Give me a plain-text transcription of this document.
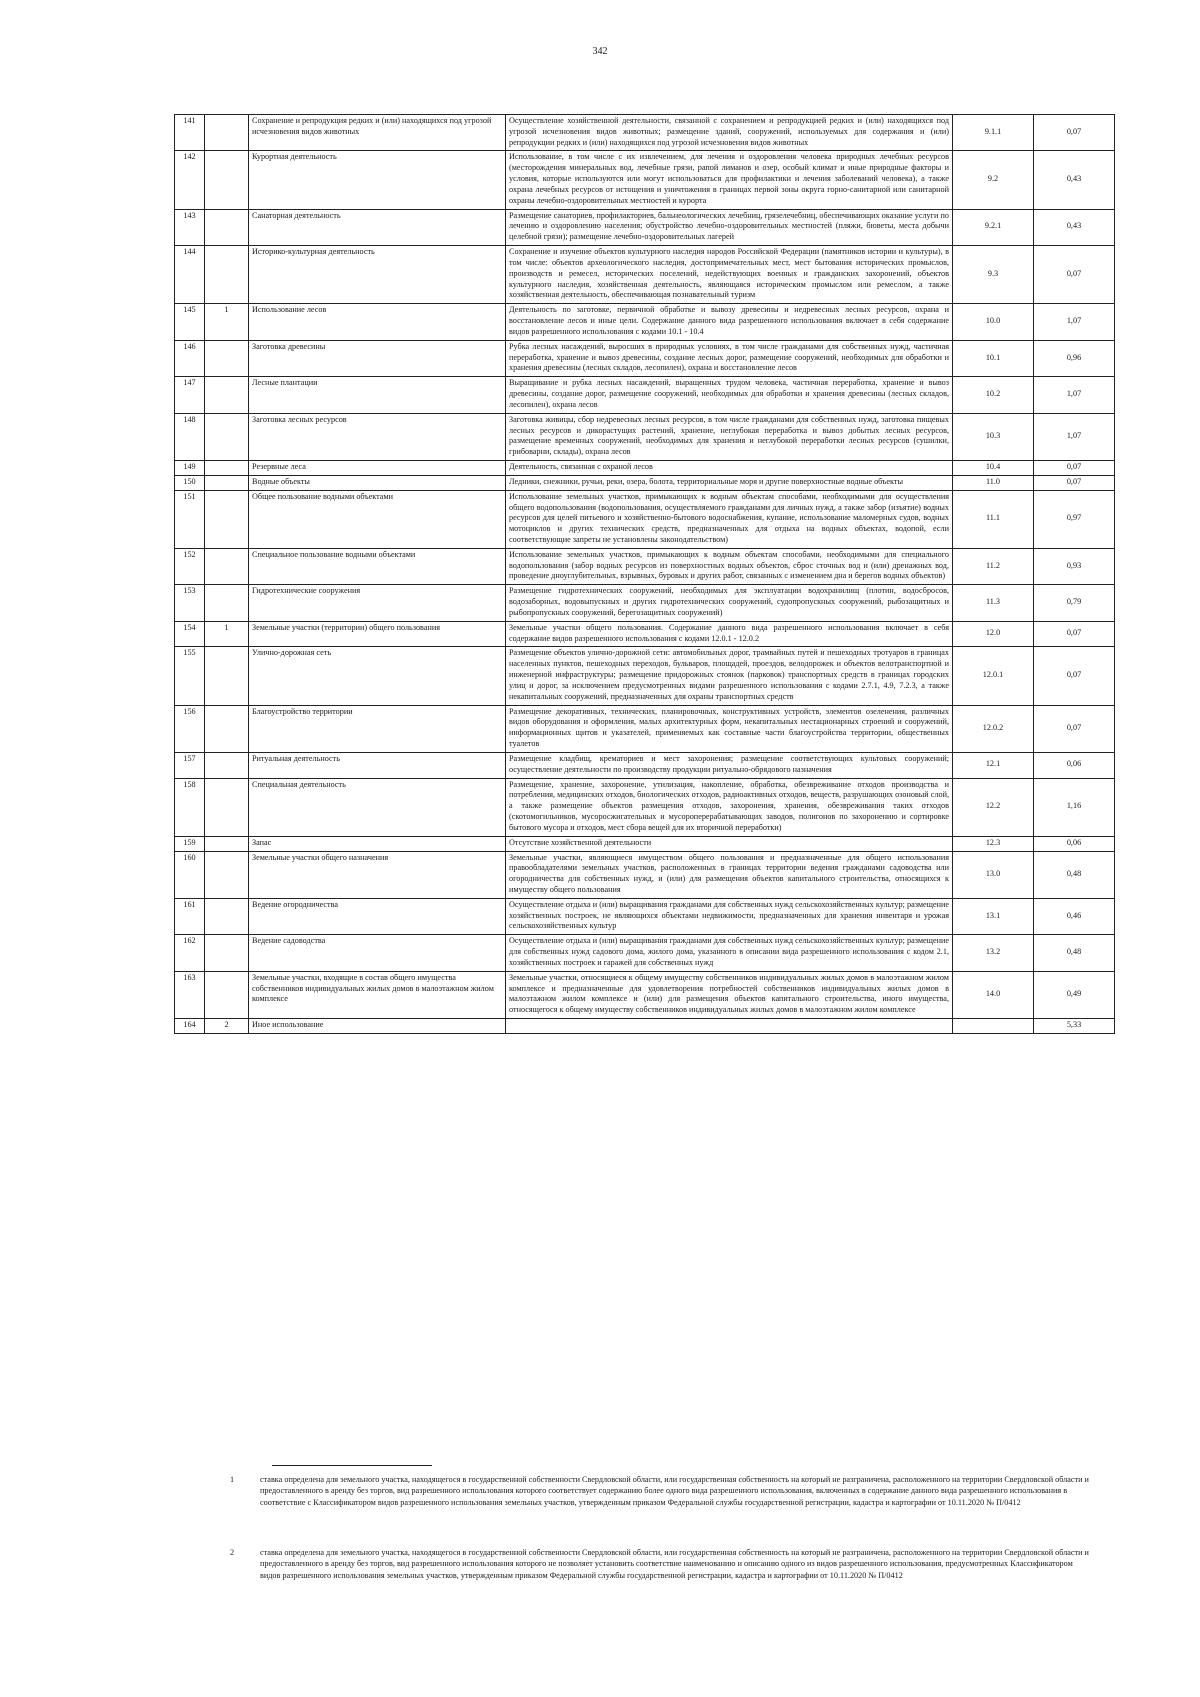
342
141		Сохранение и репродукция редких и (или) находящихся под угрозой исчезновения видов животных	Осуществление хозяйственной деятельности, связанной с сохранением и репродукцией редких и (или) находящихся под угрозой исчезновения видов животных; размещение зданий, сооружений, используемых для содержания и (или) репродукции редких и (или) находящихся под угрозой исчезновения видов животных	9.1.1	0,07
142		Курортная деятельность	Использование, в том числе с их извлечением, для лечения и оздоровления человека природных лечебных ресурсов (месторождения минеральных вод, лечебные грязи, рапой лиманов и озер, особый климат и иные природные факторы и условия, которые используются или могут использоваться для профилактики и лечения заболеваний человека), а также охрана лечебных ресурсов от истощения и уничтожения в границах первой зоны округа горно-санитарной или санитарной охраны лечебно-оздоровительных местностей и курорта	9.2	0,43
143		Санаторная деятельность	Размещение санаториев, профилакториев, бальнеологических лечебниц, грязелечебниц, обеспечивающих оказание услуги по лечению и оздоровлению населения; обустройство лечебно-оздоровительных местностей (пляжи, бюветы, места добычи целебной грязи); размещение лечебно-оздоровительных лагерей	9.2.1	0,43
144		Историко-культурная деятельность	Сохранение и изучение объектов культурного наследия народов Российской Федерации (памятников истории и культуры), в том числе: объектов археологического наследия, достопримечательных мест, мест бытования исторических промыслов, производств и ремесел, исторических поселений, недействующих военных и гражданских захоронений, объектов культурного наследия, хозяйственная деятельность, являющаяся историческим промыслом или ремеслом, а также хозяйственная деятельность, обеспечивающая познавательный туризм	9.3	0,07
145	1	Использование лесов	Деятельность по заготовке, первичной обработке и вывозу древесины и недревесных лесных ресурсов, охрана и восстановление лесов и иные цели. Содержание данного вида разрешенного использования включает в себя содержание видов разрешенного использования с кодами 10.1 - 10.4	10.0	1,07
146		Заготовка древесины	Рубка лесных насаждений, выросших в природных условиях, в том числе гражданами для собственных нужд, частичная переработка, хранение и вывоз древесины, создание лесных дорог, размещение сооружений, необходимых для обработки и хранения древесины (лесных складов, лесопилен), охрана и восстановление лесов	10.1	0,96
147		Лесные плантации	Выращивание и рубка лесных насаждений, выращенных трудом человека, частичная переработка, хранение и вывоз древесины, создание дорог, размещение сооружений, необходимых для обработки и хранения древесины (лесных складов, лесопилен), охрана лесов	10.2	1,07
148		Заготовка лесных ресурсов	Заготовка живицы, сбор недревесных лесных ресурсов, в том числе гражданами для собственных нужд, заготовка пищевых лесных ресурсов и дикорастущих растений, хранение, неглубокая переработка и вывоз добытых лесных ресурсов, размещение временных сооружений, необходимых для хранения и неглубокой переработки лесных ресурсов (сушилки, грибоварни, склады), охрана лесов	10.3	1,07
149		Резервные леса	Деятельность, связанная с охраной лесов	10.4	0,07
150		Водные объекты	Ледники, снежники, ручьи, реки, озера, болота, территориальные моря и другие поверхностные водные объекты	11.0	0,07
151		Общее пользование водными объектами	Использование земельных участков, примыкающих к водным объектам способами, необходимыми для осуществления общего водопользования (водопользования, осуществляемого гражданами для личных нужд, а также забор (изъятие) водных ресурсов для целей питьевого и хозяйственно-бытового водоснабжения, купание, использование маломерных судов, водных мотоциклов и других технических средств, предназначенных для отдыха на водных объектах, водопой, если соответствующие запреты не установлены законодательством)	11.1	0,97
152		Специальное пользование водными объектами	Использование земельных участков, примыкающих к водным объектам способами, необходимыми для специального водопользования (забор водных ресурсов из поверхностных водных объектов, сброс сточных вод и (или) дренажных вод, проведение дноуглубительных, взрывных, буровых и других работ, связанных с изменением дна и берегов водных объектов)	11.2	0,93
153		Гидротехнические сооружения	Размещение гидротехнических сооружений, необходимых для эксплуатации водохранилищ (плотин, водосбросов, водозаборных, водовыпускных и других гидротехнических сооружений, судопропускных сооружений, рыбозащитных и рыбопропускных сооружений, берегозащитных сооружений)	11.3	0,79
154	1	Земельные участки (территории) общего пользования	Земельные участки общего пользования. Содержание данного вида разрешенного использования включает в себя содержание видов разрешенного использования с кодами 12.0.1 - 12.0.2	12.0	0,07
155		Улично-дорожная сеть	Размещение объектов улично-дорожной сети: автомобильных дорог, трамвайных путей и пешеходных тротуаров в границах населенных пунктов, пешеходных переходов, бульваров, площадей, проездов, велодорожек и объектов велотранспортной и инженерной инфраструктуры; размещение придорожных стоянок (парковок) транспортных средств в границах городских улиц и дорог, за исключением предусмотренных видами разрешенного использования с кодами 2.7.1, 4.9, 7.2.3, а также некапитальных сооружений, предназначенных для охраны транспортных средств	12.0.1	0,07
156		Благоустройство территории	Размещение декоративных, технических, планировочных, конструктивных устройств, элементов озеленения, различных видов оборудования и оформления, малых архитектурных форм, некапитальных нестационарных строений и сооружений, информационных щитов и указателей, применяемых как составные части благоустройства территории, общественных туалетов	12.0.2	0,07
157		Ритуальная деятельность	Размещение кладбищ, крематориев и мест захоронения; размещение соответствующих культовых сооружений; осуществление деятельности по производству продукции ритуально-обрядового назначения	12.1	0,06
158		Специальная деятельность	Размещение, хранение, захоронение, утилизация, накопление, обработка, обезвреживание отходов производства и потребления, медицинских отходов, биологических отходов, радиоактивных отходов, веществ, разрушающих озоновый слой, а также размещение объектов размещения отходов, захоронения, хранения, обезвреживания таких отходов (скотомогильников, мусоросжигательных и мусороперерабатывающих заводов, полигонов по захоронению и сортировке бытового мусора и отходов, мест сбора вещей для их вторичной переработки)	12.2	1,16
159		Запас	Отсутствие хозяйственной деятельности	12.3	0,06
160		Земельные участки общего назначения	Земельные участки, являющиеся имуществом общего пользования и предназначенные для общего использования правообладателями земельных участков, расположенных в границах территории ведения гражданами садоводства или огородничества для собственных нужд, и (или) для размещения объектов капитального строительства, относящихся к имуществу общего пользования	13.0	0,48
161		Ведение огородничества	Осуществление отдыха и (или) выращивания гражданами для собственных нужд сельскохозяйственных культур; размещение хозяйственных построек, не являющихся объектами недвижимости, предназначенных для хранения инвентаря и урожая сельскохозяйственных культур	13.1	0,46
162		Ведение садоводства	Осуществление отдыха и (или) выращивания гражданами для собственных нужд сельскохозяйственных культур; размещение для собственных нужд садового дома, жилого дома, указанного в описании вида разрешенного использования с кодом 2.1, хозяйственных построек и гаражей для собственных нужд	13.2	0,48
163		Земельные участки, входящие в состав общего имущества собственников индивидуальных жилых домов в малоэтажном жилом комплексе	Земельные участки, относящиеся к общему имуществу собственников индивидуальных жилых домов в малоэтажном жилом комплексе и предназначенные для удовлетворения потребностей собственников индивидуальных жилых домов в малоэтажном жилом комплексе и (или) для размещения объектов капитального строительства, иного имущества, относящегося к общему имуществу собственников индивидуальных жилых домов в малоэтажном жилом комплексе	14.0	0,49
164	2	Иное использование			5,33
1	ставка определена для земельного участка, находящегося в государственной собственности Свердловской области, или государственная собственность на который не разграничена, расположенного на территории Свердловской области и предоставленного в аренду без торгов, вид разрешенного использования которого соответствует содержанию более одного вида разрешенного использования, включенных в содержание данного вида разрешенного использования в соответствие с Классификатором видов разрешенного использования земельных участков, утвержденным приказом Федеральной службы государственной регистрации, кадастра и картографии от 10.11.2020 № П/0412
2	ставка определена для земельного участка, находящегося в государственной собственности Свердловской области, или государственная собственность на который не разграничена, расположенного на территории Свердловской области и предоставленного в аренду без торгов, вид разрешенного использования которого не позволяет установить соответствие наименованию и описанию одного из видов разрешенного использования, предусмотренных Классификатором видов разрешенного использования земельных участков, утвержденным приказом Федеральной службы государственной регистрации, кадастра и картографии от 10.11.2020 № П/0412
